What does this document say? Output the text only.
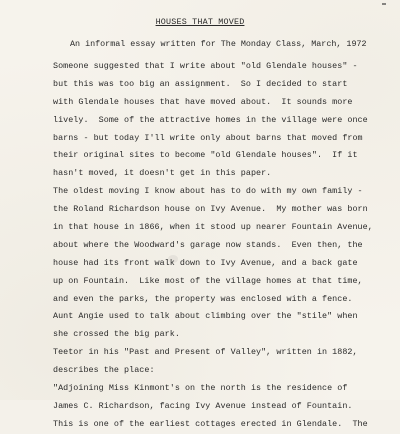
HOUSES THAT MOVED
An informal essay written for The Monday Class, March, 1972
Someone suggested that I write about "old Glendale houses" -
but this was too big an assignment.  So I decided to start
with Glendale houses that have moved about.  It sounds more
lively.  Some of the attractive homes in the village were once
barns - but today I'll write only about barns that moved from
their original sites to become "old Glendale houses".  If it
hasn't moved, it doesn't get in this paper.
The oldest moving I know about has to do with my own family -
the Roland Richardson house on Ivy Avenue.  My mother was born
in that house in 1866, when it stood up nearer Fountain Avenue,
about where the Woodward's garage now stands.  Even then, the
house had its front walk down to Ivy Avenue, and a back gate
up on Fountain.  Like most of the village homes at that time,
and even the parks, the property was enclosed with a fence.
Aunt Angie used to talk about climbing over the "stile" when
she crossed the big park.
Teetor in his "Past and Present of Valley", written in 1882,
describes the place:
"Adjoining Miss Kinmont's on the north is the residence of
James C. Richardson, facing Ivy Avenue instead of Fountain.
This is one of the earliest cottages erected in Glendale.  The
